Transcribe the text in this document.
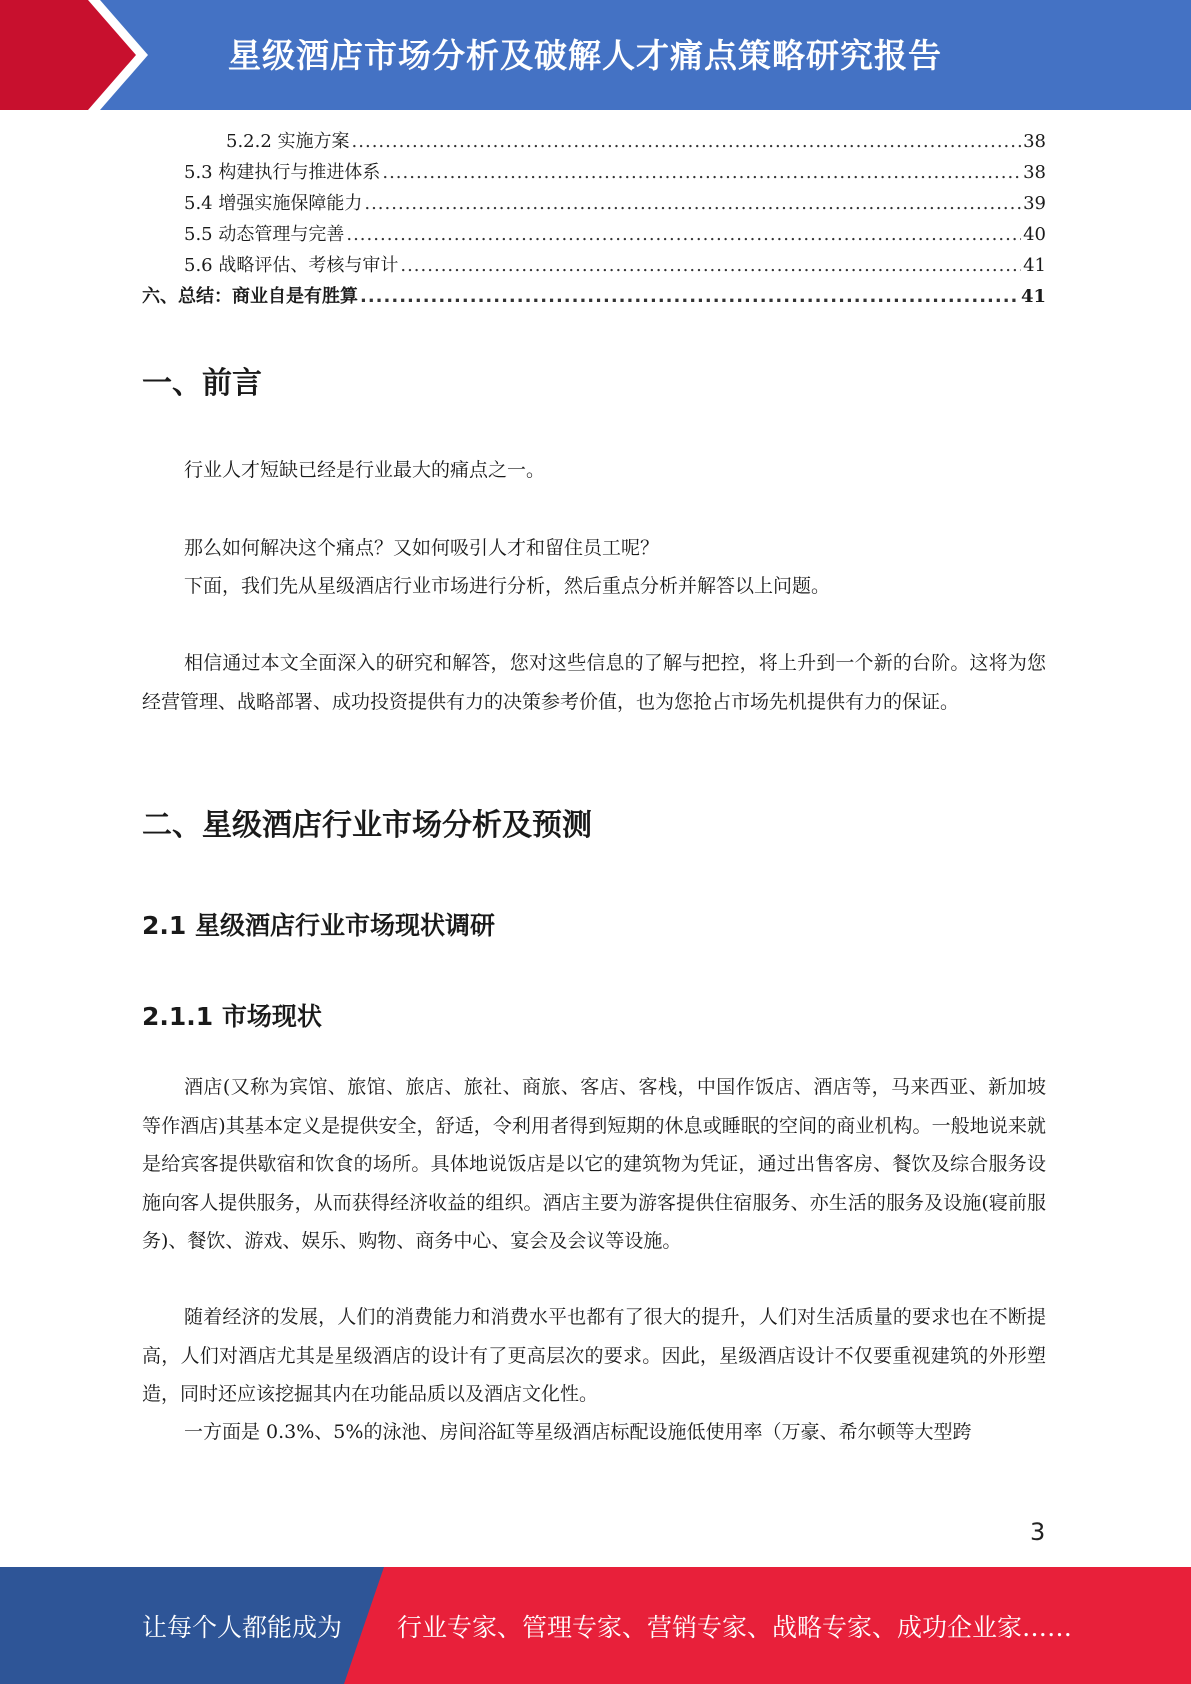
星级酒店市场分析及破解人才痛点策略研究报告
5.2.2 实施方案 .....	38
5.3 构建执行与推进体系 .....	38
5.4 增强实施保障能力 .....	39
5.5 动态管理与完善 .....	40
5.6 战略评估、考核与审计 .....	41
六、总结：商业自是有胜算 .....	41
一、前言

行业人才短缺已经是行业最大的痛点之一。

那么如何解决这个痛点？又如何吸引人才和留住员工呢？

下面，我们先从星级酒店行业市场进行分析，然后重点分析并解答以上问题。

相信通过本文全面深入的研究和解答，您对这些信息的了解与把控，将上升到一个新的台阶。这将为您经营管理、战略部署、成功投资提供有力的决策参考价值，也为您抢占市场先机提供有力的保证。

二、星级酒店行业市场分析及预测
2.1 星级酒店行业市场现状调研
2.1.1 市场现状

酒店(又称为宾馆、旅馆、旅店、旅社、商旅、客店、客栈，中国作饭店、酒店等，马来西亚、新加坡等作酒店)其基本定义是提供安全，舒适，令利用者得到短期的休息或睡眠的空间的商业机构。一般地说来就是给宾客提供歇宿和饮食的场所。具体地说饭店是以它的建筑物为凭证，通过出售客房、餐饮及综合服务设施向客人提供服务，从而获得经济收益的组织。酒店主要为游客提供住宿服务、亦生活的服务及设施(寝前服务)、餐饮、游戏、娱乐、购物、商务中心、宴会及会议等设施。

随着经济的发展，人们的消费能力和消费水平也都有了很大的提升，人们对生活质量的要求也在不断提高，人们对酒店尤其是星级酒店的设计有了更高层次的要求。因此，星级酒店设计不仅要重视建筑的外形塑造，同时还应该挖掘其内在功能品质以及酒店文化性。

一方面是 0.3%、5%的泳池、房间浴缸等星级酒店标配设施低使用率（万豪、希尔顿等大型跨

3
让每个人都能成为 行业专家、管理专家、营销专家、战略专家、成功企业家……
